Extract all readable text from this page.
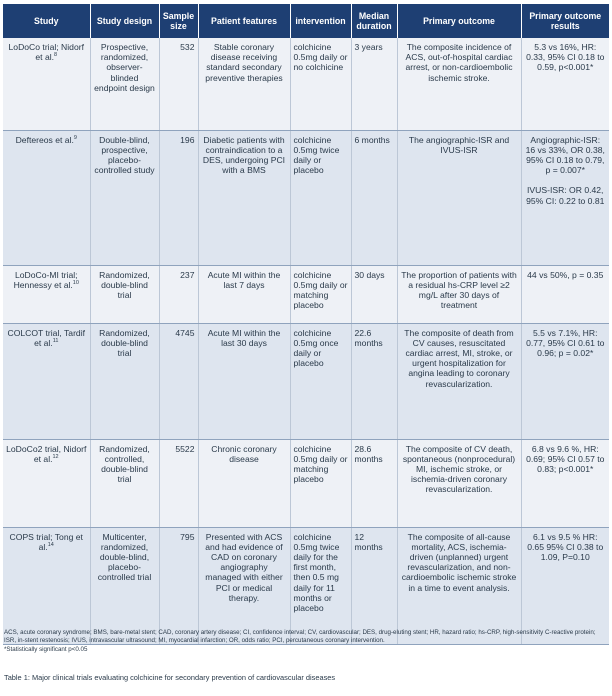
Study	Study design	Sample size	Patient features	intervention	Median duration	Primary outcome	Primary outcome results
LoDoCo trial; Nidorf et al.$^8$	Prospective, randomized, observer-blinded endpoint design	532	Stable coronary disease receiving standard secondary preventive therapies	colchicine 0.5mg daily or no colchicine	3 years	The composite incidence of ACS, out-of-hospital cardiac arrest, or non-cardioembolic ischemic stroke.	5.3 vs 16%, HR: 0.33, 95% CI 0.18 to 0.59, p<0.001*

Deftereos et al.$^9$	Double-blind, prospective, placebo-controlled study	196	Diabetic patients with contraindication to a DES, undergoing PCI with a BMS	colchicine 0.5mg twice daily or placebo	6 months	The angiographic-ISR and IVUS-ISR	Angiographic-ISR: 16 vs 33%, OR 0.38, 95% CI 0.18 to 0.79, p = 0.007*
IVUS-ISR: OR 0.42, 95% CI: 0.22 to 0.81

LoDoCo-MI trial; Hennessy et al.$^{10}$	Randomized, double-blind trial	237	Acute MI within the last 7 days	colchicine 0.5mg daily or matching placebo	30 days	The proportion of patients with a residual hs-CRP level ≥2 mg/L after 30 days of treatment	44 vs 50%, p = 0.35

COLCOT trial, Tardif et al.$^{11}$	Randomized, double-blind trial	4745	Acute MI within the last 30 days	colchicine 0.5mg once daily or placebo	22.6 months	The composite of death from CV causes, resuscitated cardiac arrest, MI, stroke, or urgent hospitalization for angina leading to coronary revascularization.	5.5 vs 7.1%, HR: 0.77, 95% CI 0.61 to 0.96; p = 0.02*

LoDoCo2 trial, Nidorf et al.$^{12}$	Randomized, controlled, double-blind trial	5522	Chronic coronary disease	colchicine 0.5mg daily or matching placebo	28.6 months	The composite of CV death, spontaneous (nonprocedural) MI, ischemic stroke, or ischemia-driven coronary revascularization.	6.8 vs 9.6 %, HR: 0.69; 95% CI 0.57 to 0.83; p<0.001*

COPS trial; Tong et al.$^{14}$	Multicenter, randomized, double-blind, placebo-controlled trial	795	Presented with ACS and had evidence of CAD on coronary angiography managed with either PCI or medical therapy.	colchicine 0.5mg twice daily for the first month, then 0.5 mg daily for 11 months or placebo	12 months	The composite of all-cause mortality, ACS, ischemia-driven (unplanned) urgent revascularization, and non-cardioembolic ischemic stroke in a time to event analysis.	6.1 vs 9.5 % HR: 0.65 95% CI 0.38 to 1.09, P=0.10
ACS, acute coronary syndrome; BMS, bare-metal stent; CAD, coronary artery disease; CI, confidence interval; CV, cardiovascular; DES, drug-eluting stent; HR, hazard ratio; hs-CRP, high-sensitivity C-reactive protein; ISR, in-stent restenosis; IVUS, intravascular ultrasound; MI, myocardial infarction; OR, odds ratio; PCI, percutaneous coronary intervention.
*Statistically significant p<0.05
Table 1: Major clinical trials evaluating colchicine for secondary prevention of cardiovascular diseases
